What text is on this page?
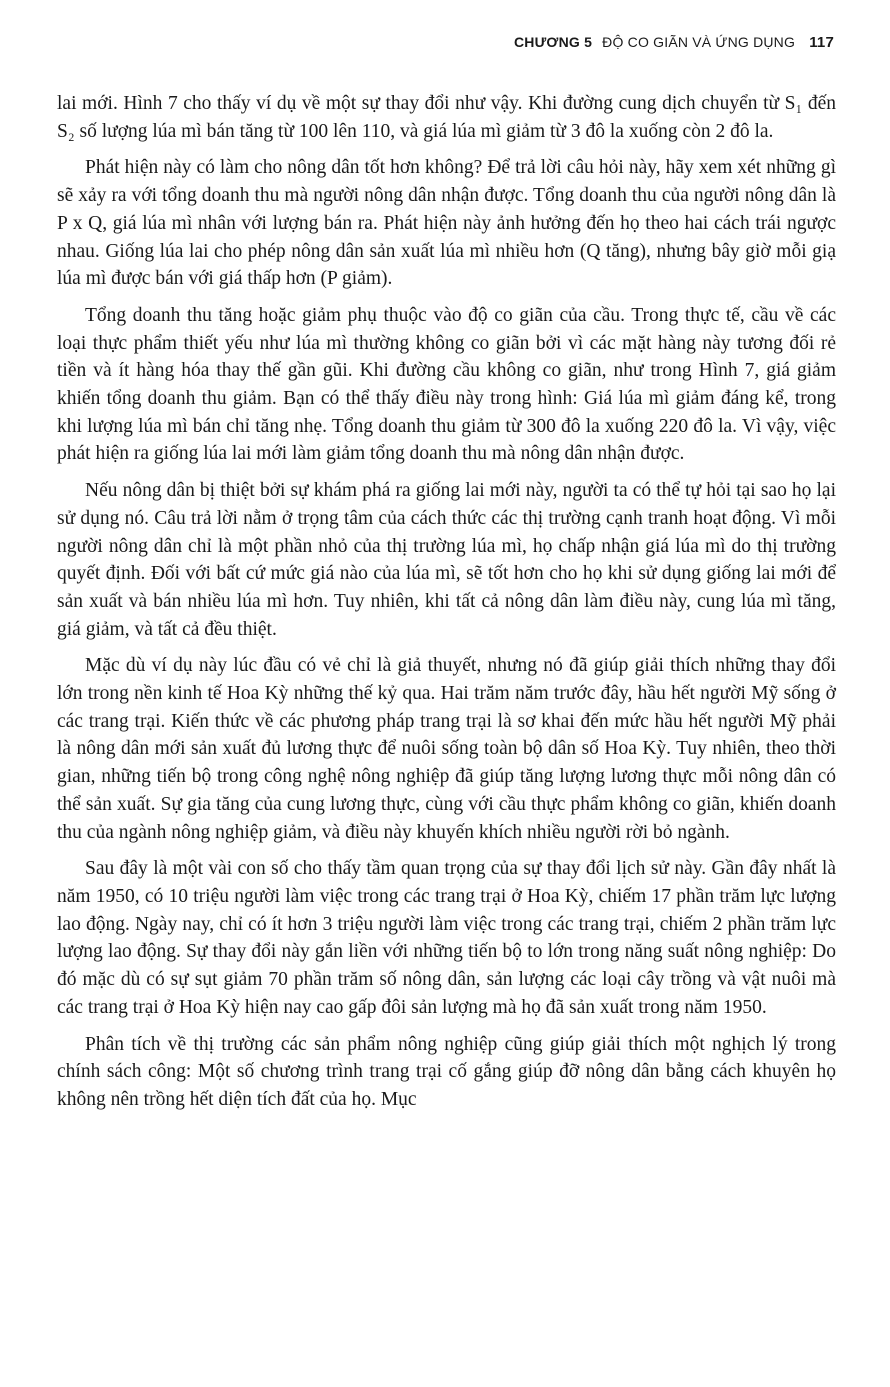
CHƯƠNG 5 ĐỘ CO GIÃN VÀ ỨNG DỤNG 117

lai mới. Hình 7 cho thấy ví dụ về một sự thay đổi như vậy. Khi đường cung dịch chuyển từ S₁ đến S₂ số lượng lúa mì bán tăng từ 100 lên 110, và giá lúa mì giảm từ 3 đô la xuống còn 2 đô la.

Phát hiện này có làm cho nông dân tốt hơn không? Để trả lời câu hỏi này, hãy xem xét những gì sẽ xảy ra với tổng doanh thu mà người nông dân nhận được. Tổng doanh thu của người nông dân là P x Q, giá lúa mì nhân với lượng bán ra. Phát hiện này ảnh hưởng đến họ theo hai cách trái ngược nhau. Giống lúa lai cho phép nông dân sản xuất lúa mì nhiều hơn (Q tăng), nhưng bây giờ mỗi giạ lúa mì được bán với giá thấp hơn (P giảm).

Tổng doanh thu tăng hoặc giảm phụ thuộc vào độ co giãn của cầu. Trong thực tế, cầu về các loại thực phẩm thiết yếu như lúa mì thường không co giãn bởi vì các mặt hàng này tương đối rẻ tiền và ít hàng hóa thay thế gần gũi. Khi đường cầu không co giãn, như trong Hình 7, giá giảm khiến tổng doanh thu giảm. Bạn có thể thấy điều này trong hình: Giá lúa mì giảm đáng kể, trong khi lượng lúa mì bán chỉ tăng nhẹ. Tổng doanh thu giảm từ 300 đô la xuống 220 đô la. Vì vậy, việc phát hiện ra giống lúa lai mới làm giảm tổng doanh thu mà nông dân nhận được.

Nếu nông dân bị thiệt bởi sự khám phá ra giống lai mới này, người ta có thể tự hỏi tại sao họ lại sử dụng nó. Câu trả lời nằm ở trọng tâm của cách thức các thị trường cạnh tranh hoạt động. Vì mỗi người nông dân chỉ là một phần nhỏ của thị trường lúa mì, họ chấp nhận giá lúa mì do thị trường quyết định. Đối với bất cứ mức giá nào của lúa mì, sẽ tốt hơn cho họ khi sử dụng giống lai mới để sản xuất và bán nhiều lúa mì hơn. Tuy nhiên, khi tất cả nông dân làm điều này, cung lúa mì tăng, giá giảm, và tất cả đều thiệt.

Mặc dù ví dụ này lúc đầu có vẻ chỉ là giả thuyết, nhưng nó đã giúp giải thích những thay đổi lớn trong nền kinh tế Hoa Kỳ những thế kỷ qua. Hai trăm năm trước đây, hầu hết người Mỹ sống ở các trang trại. Kiến thức về các phương pháp trang trại là sơ khai đến mức hầu hết người Mỹ phải là nông dân mới sản xuất đủ lương thực để nuôi sống toàn bộ dân số Hoa Kỳ. Tuy nhiên, theo thời gian, những tiến bộ trong công nghệ nông nghiệp đã giúp tăng lượng lương thực mỗi nông dân có thể sản xuất. Sự gia tăng của cung lương thực, cùng với cầu thực phẩm không co giãn, khiến doanh thu của ngành nông nghiệp giảm, và điều này khuyến khích nhiều người rời bỏ ngành.

Sau đây là một vài con số cho thấy tầm quan trọng của sự thay đổi lịch sử này. Gần đây nhất là năm 1950, có 10 triệu người làm việc trong các trang trại ở Hoa Kỳ, chiếm 17 phần trăm lực lượng lao động. Ngày nay, chỉ có ít hơn 3 triệu người làm việc trong các trang trại, chiếm 2 phần trăm lực lượng lao động. Sự thay đổi này gắn liền với những tiến bộ to lớn trong năng suất nông nghiệp: Do đó mặc dù có sự sụt giảm 70 phần trăm số nông dân, sản lượng các loại cây trồng và vật nuôi mà các trang trại ở Hoa Kỳ hiện nay cao gấp đôi sản lượng mà họ đã sản xuất trong năm 1950.

Phân tích về thị trường các sản phẩm nông nghiệp cũng giúp giải thích một nghịch lý trong chính sách công: Một số chương trình trang trại cố gắng giúp đỡ nông dân bằng cách khuyên họ không nên trồng hết diện tích đất của họ. Mục
